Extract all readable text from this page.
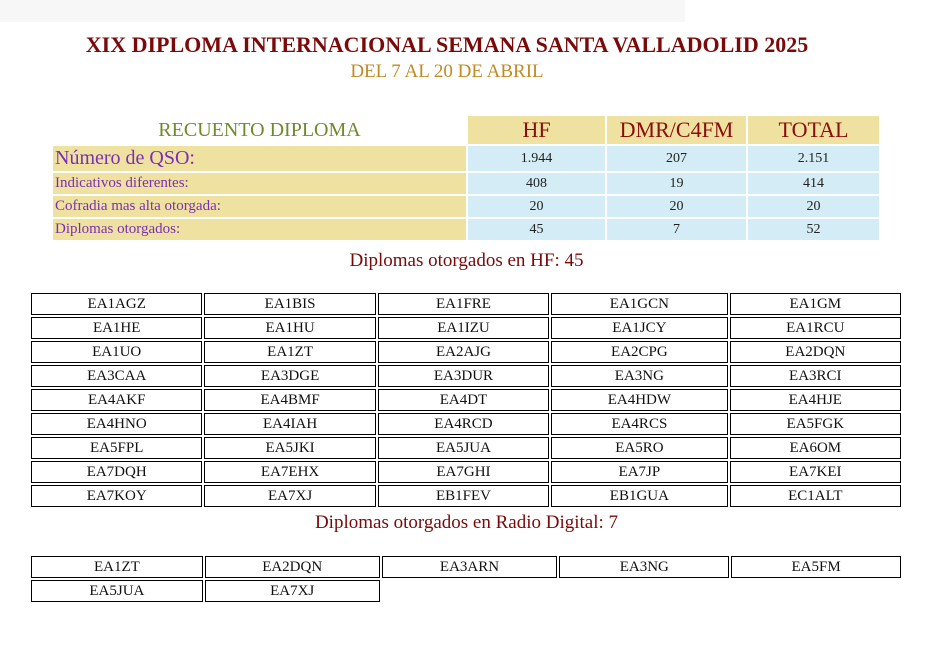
XIX DIPLOMA INTERNACIONAL SEMANA SANTA VALLADOLID 2025
DEL 7 AL 20 DE ABRIL
RECUENTO DIPLOMA	HF	DMR/C4FM	TOTAL
Número de QSO:	1.944	207	2.151
Indicativos diferentes:	408	19	414
Cofradia mas alta otorgada:	20	20	20
Diplomas otorgados:	45	7	52
Diplomas otorgados en HF: 45
EA1AGZ	EA1BIS	EA1FRE	EA1GCN	EA1GM
EA1HE	EA1HU	EA1IZU	EA1JCY	EA1RCU
EA1UO	EA1ZT	EA2AJG	EA2CPG	EA2DQN
EA3CAA	EA3DGE	EA3DUR	EA3NG	EA3RCI
EA4AKF	EA4BMF	EA4DT	EA4HDW	EA4HJE
EA4HNO	EA4IAH	EA4RCD	EA4RCS	EA5FGK
EA5FPL	EA5JKI	EA5JUA	EA5RO	EA6OM
EA7DQH	EA7EHX	EA7GHI	EA7JP	EA7KEI
EA7KOY	EA7XJ	EB1FEV	EB1GUA	EC1ALT
Diplomas otorgados en Radio Digital: 7
EA1ZT	EA2DQN	EA3ARN	EA3NG	EA5FM
EA5JUA	EA7XJ			
